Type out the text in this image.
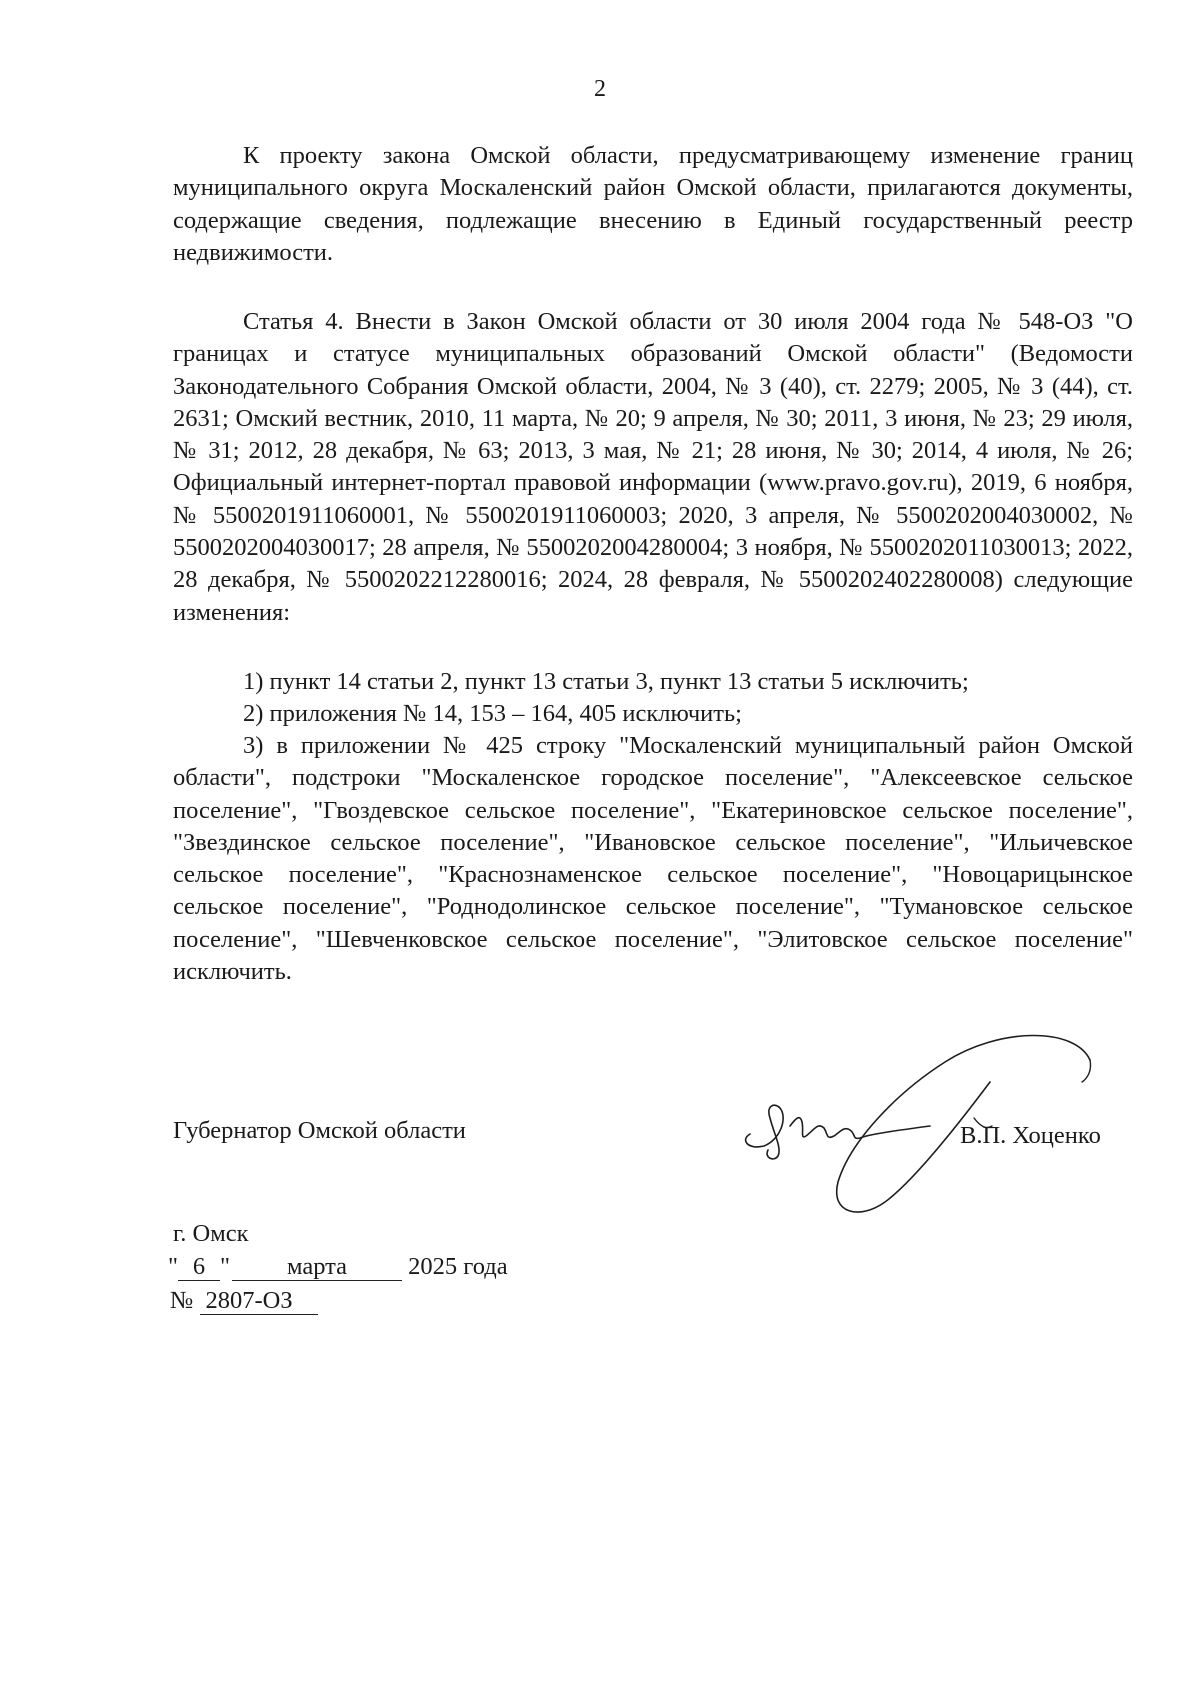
2

К проекту закона Омской области, предусматривающему изменение границ муниципального округа Москаленский район Омской области, прилагаются документы, содержащие сведения, подлежащие внесению в Единый государственный реестр недвижимости.

Статья 4. Внести в Закон Омской области от 30 июля 2004 года № 548-ОЗ "О границах и статусе муниципальных образований Омской области" (Ведомости Законодательного Собрания Омской области, 2004, № 3 (40), ст. 2279; 2005, № 3 (44), ст. 2631; Омский вестник, 2010, 11 марта, № 20; 9 апреля, № 30; 2011, 3 июня, № 23; 29 июля, № 31; 2012, 28 декабря, № 63; 2013, 3 мая, № 21; 28 июня, № 30; 2014, 4 июля, № 26; Официальный интернет-портал правовой информации (www.pravo.gov.ru), 2019, 6 ноября, № 5500201911060001, № 5500201911060003; 2020, 3 апреля, № 5500202004030002, № 5500202004030017; 28 апреля, № 5500202004280004; 3 ноября, № 5500202011030013; 2022, 28 декабря, № 5500202212280016; 2024, 28 февраля, № 5500202402280008) следующие изменения:

1) пункт 14 статьи 2, пункт 13 статьи 3, пункт 13 статьи 5 исключить;

2) приложения № 14, 153 – 164, 405 исключить;

3) в приложении № 425 строку "Москаленский муниципальный район Омской области", подстроки "Москаленское городское поселение", "Алексеевское сельское поселение", "Гвоздевское сельское поселение", "Екатериновское сельское поселение", "Звездинское сельское поселение", "Ивановское сельское поселение", "Ильичевское сельское поселение", "Краснознаменское сельское поселение", "Новоцарицынское сельское поселение", "Роднодолинское сельское поселение", "Тумановское сельское поселение", "Шевченковское сельское поселение", "Элитовское сельское поселение" исключить.

Губернатор Омской области	В.П. Хоценко
г. Омск
" 6 " марта 2025 года
№ 2807-ОЗ
